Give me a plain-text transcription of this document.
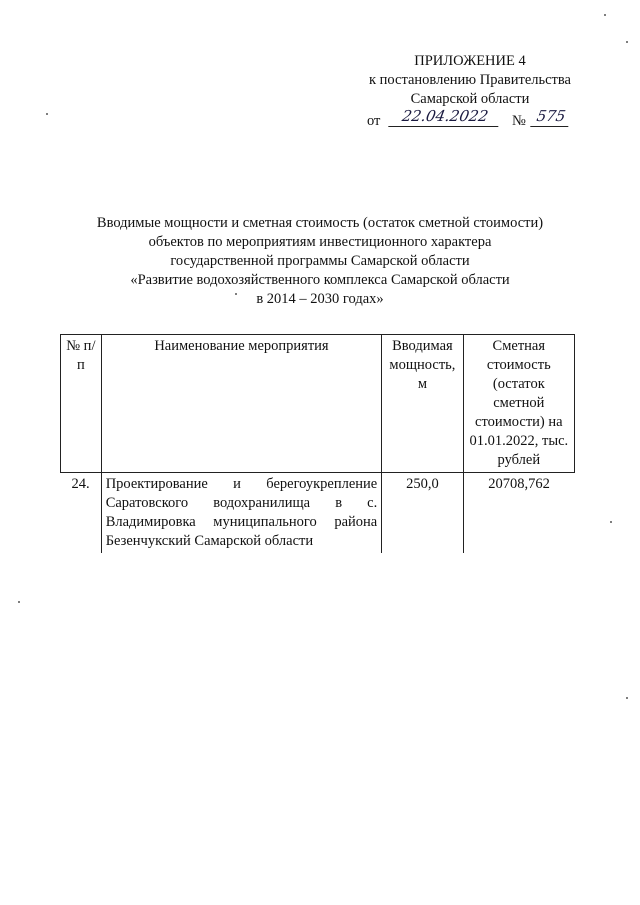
ПРИЛОЖЕНИЕ 4
к постановлению Правительства
Самарской области
от	22.04.2022	№ 575
Вводимые мощности и сметная стоимость (остаток сметной стоимости)
объектов по мероприятиям инвестиционного характера
государственной программы Самарской области
«Развитие водохозяйственного комплекса Самарской области
в 2014 – 2030 годах»
№ п/п	Наименование мероприятия	Вводимая мощность, м	Сметная стоимость (остаток сметной стоимости) на 01.01.2022, тыс. рублей
24.	Проектирование и берегоукрепление Саратовского водохранилища в с. Владимировка муниципального района Безенчукский Самарской области	250,0	20708,762
